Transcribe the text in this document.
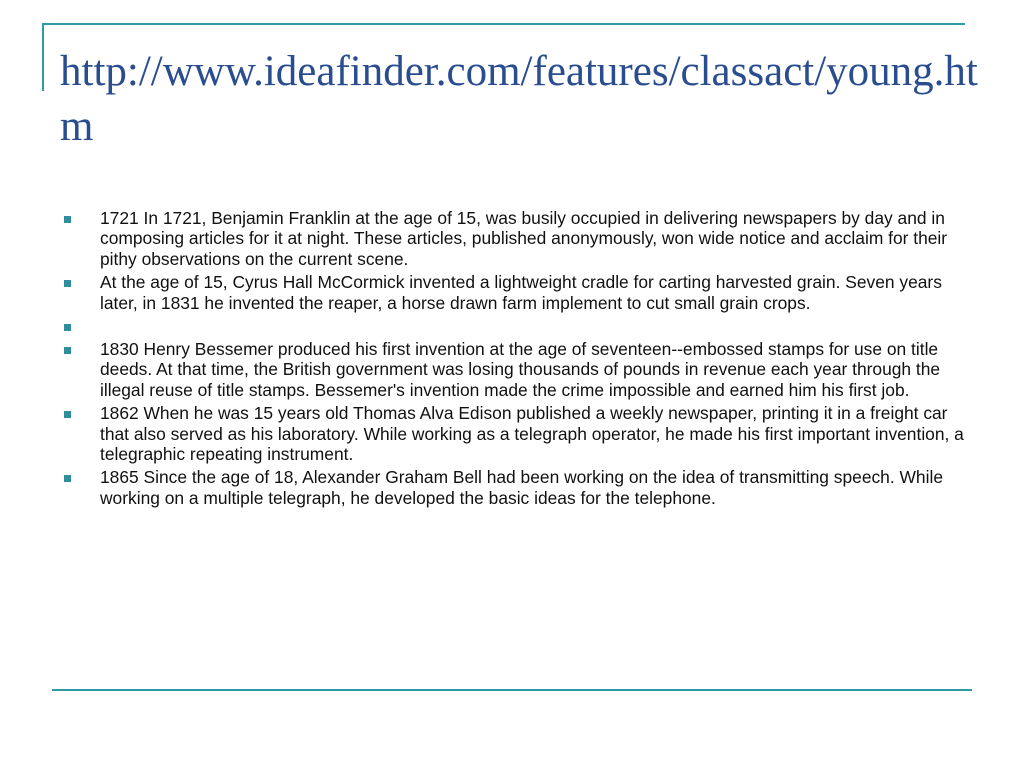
http://www.ideafinder.com/features/classact/young.htm
1721 In 1721, Benjamin Franklin at the age of 15, was busily occupied in delivering newspapers by day and in composing articles for it at night. These articles, published anonymously, won wide notice and acclaim for their pithy observations on the current scene.
At the age of 15, Cyrus Hall McCormick invented a lightweight cradle for carting harvested grain. Seven years later, in 1831 he invented the reaper, a horse drawn farm implement to cut small grain crops.
1830 Henry Bessemer produced his first invention at the age of seventeen--embossed stamps for use on title deeds. At that time, the British government was losing thousands of pounds in revenue each year through the illegal reuse of title stamps. Bessemer's invention made the crime impossible and earned him his first job.
1862 When he was 15 years old Thomas Alva Edison published a weekly newspaper, printing it in a freight car that also served as his laboratory. While working as a telegraph operator, he made his first important invention, a telegraphic repeating instrument.
1865 Since the age of 18, Alexander Graham Bell had been working on the idea of transmitting speech. While working on a multiple telegraph, he developed the basic ideas for the telephone.
